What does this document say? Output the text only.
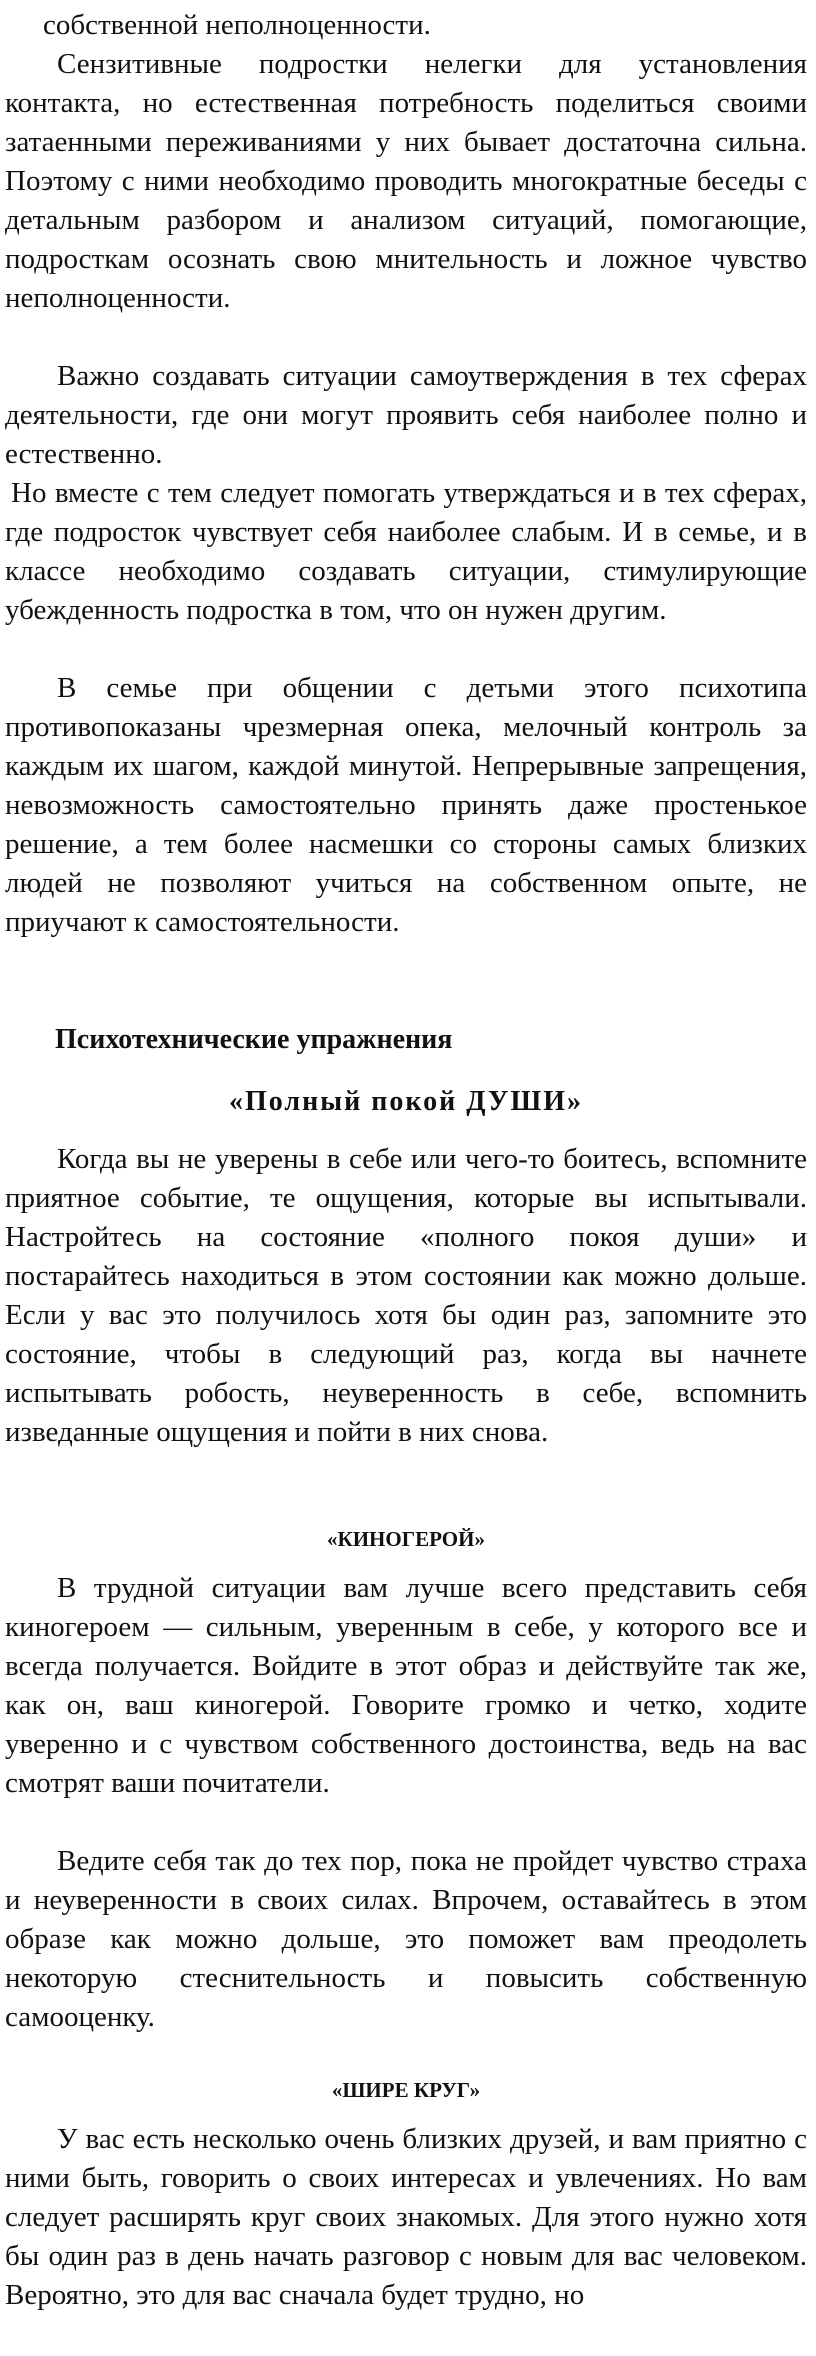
собственной неполноценности.

Сензитивные подростки нелегки для установления контакта, но естественная потребность поделиться своими затаенными переживаниями у них бывает достаточна сильна. Поэтому с ними необходимо проводить многократные беседы с детальным разбором и анализом ситуаций, помогающие, подросткам осознать свою мнительность и ложное чувство неполноценности.

Важно создавать ситуации самоутверждения в тех сферах деятельности, где они могут проявить себя наиболее полно и естественно.

Но вместе с тем следует помогать утверждаться и в тех сферах, где подросток чувствует себя наиболее слабым. И в семье, и в классе необходимо создавать ситуации, стимулирующие убежденность подростка в том, что он нужен другим.

В семье при общении с детьми этого психотипа противопоказаны чрезмерная опека, мелочный контроль за каждым их шагом, каждой минутой. Непрерывные запрещения, невозможность самостоятельно принять даже простенькое решение, а тем более насмешки со стороны самых близких людей не позволяют учиться на собственном опыте, не приучают к самостоятельности.

Психотехнические упражнения
«Полный покой ДУШИ»

Когда вы не уверены в себе или чего-то боитесь, вспомните приятное событие, те ощущения, которые вы испытывали. Настройтесь на состояние «полного покоя души» и постарайтесь находиться в этом состоянии как можно дольше. Если у вас это получилось хотя бы один раз, запомните это состояние, чтобы в следующий раз, когда вы начнете испытывать робость, неуверенность в себе, вспомнить изведанные ощущения и пойти в них снова.

«КИНОГЕРОЙ»

В трудной ситуации вам лучше всего представить себя киногероем — сильным, уверенным в себе, у которого все и всегда получается. Войдите в этот образ и действуйте так же, как он, ваш киногерой. Говорите громко и четко, ходите уверенно и с чувством собственного достоинства, ведь на вас смотрят ваши почитатели.

Ведите себя так до тех пор, пока не пройдет чувство страха и неуверенности в своих силах. Впрочем, оставайтесь в этом образе как можно дольше, это поможет вам преодолеть некоторую стеснительность и повысить собственную самооценку.

«ШИРЕ КРУГ»

У вас есть несколько очень близких друзей, и вам приятно с ними быть, говорить о своих интересах и увлечениях. Но вам следует расширять круг своих знакомых. Для этого нужно хотя бы один раз в день начать разговор с новым для вас человеком. Вероятно, это для вас сначала будет трудно, но
